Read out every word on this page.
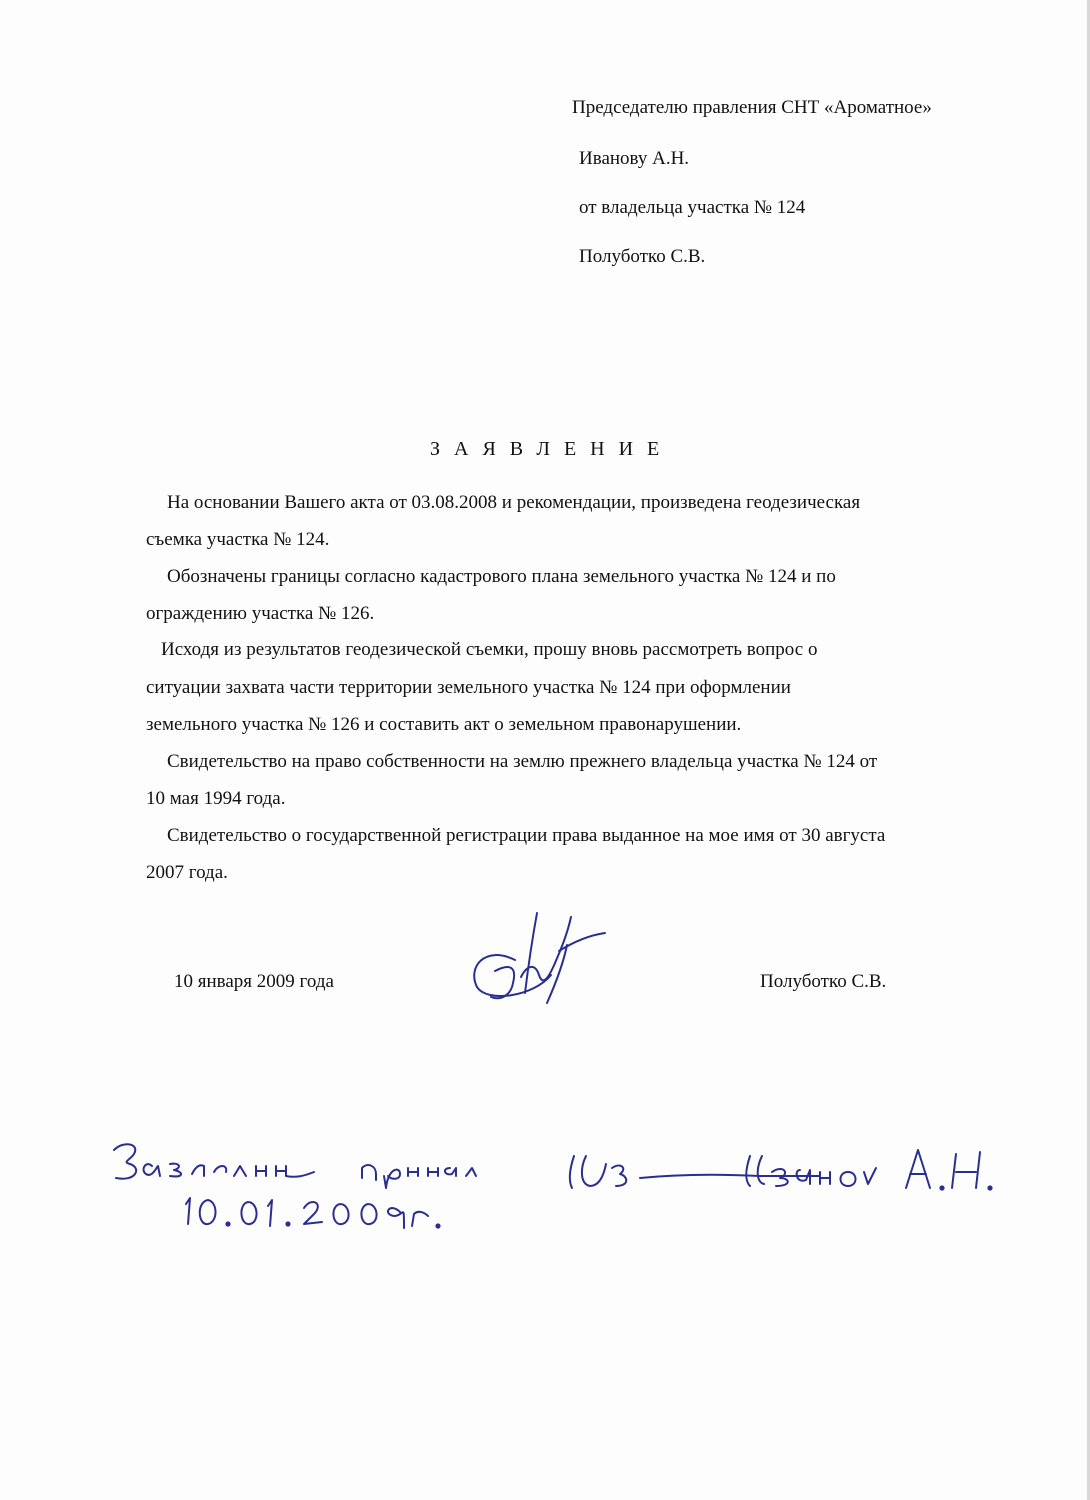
Председателю правления СНТ «Ароматное»
Иванову А.Н.
от владельца участка № 124
Полуботко С.В.
ЗАЯВЛЕНИЕ
На основании Вашего акта от 03.08.2008 и рекомендации, произведена геодезическая
съемка участка № 124.
Обозначены границы согласно кадастрового плана земельного участка № 124 и по
ограждению участка № 126.
Исходя из результатов геодезической съемки, прошу вновь рассмотреть вопрос о
ситуации захвата части территории земельного участка № 124 при оформлении
земельного участка № 126 и составить акт о земельном правонарушении.
Свидетельство на право собственности на землю прежнего владельца участка № 124 от
10 мая 1994 года.
Свидетельство о государственной регистрации права выданное на мое имя от 30 августа
2007 года.
10 января 2009 года	Полуботко С.В.
Заявление принял Иванов А.Н.
10.01.2009г.
